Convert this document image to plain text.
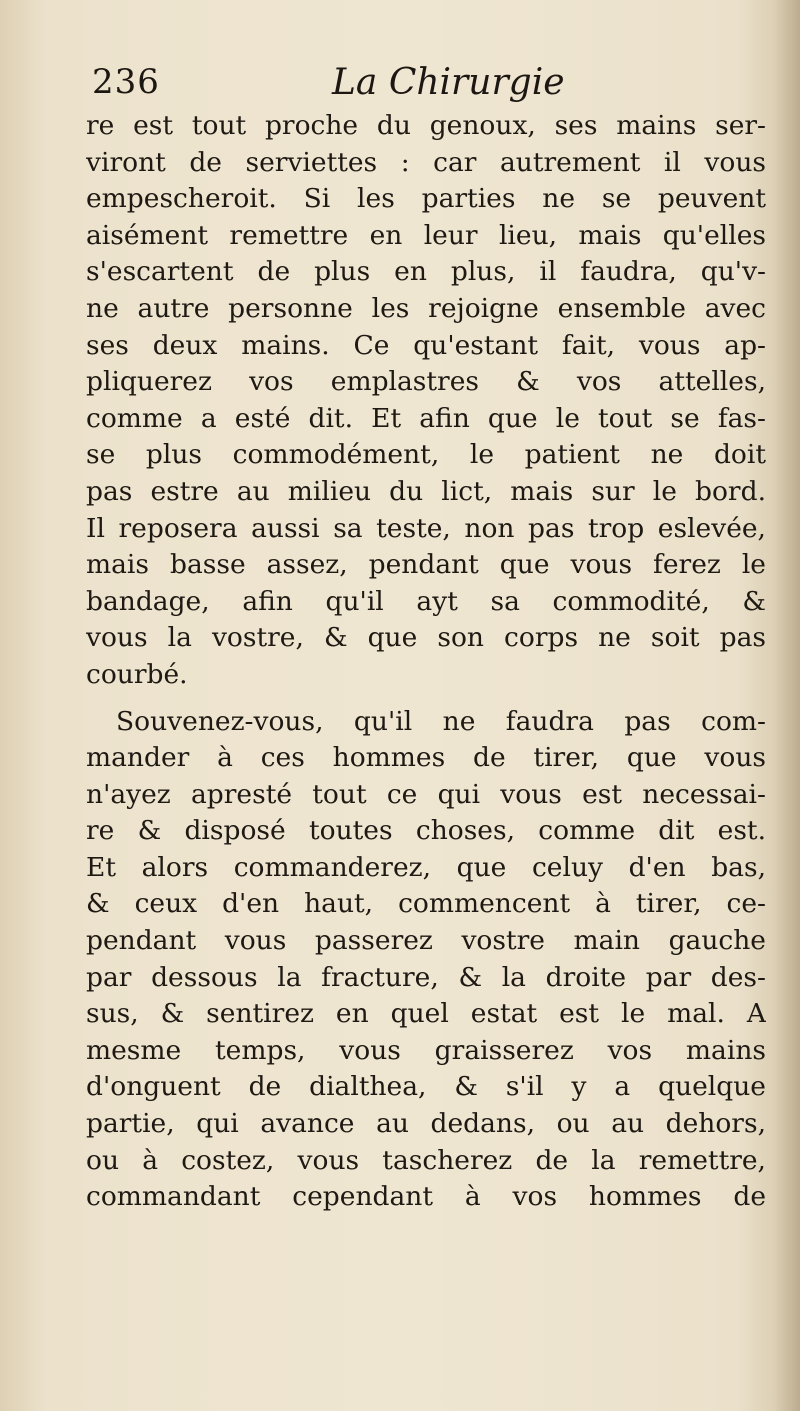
236	La Chirurgie
re est tout proche du genoux, ses mains ser-
viront de serviettes : car autrement il vous
empescheroit. Si les parties ne se peuvent
aisément remettre en leur lieu, mais qu'elles
s'escartent de plus en plus, il faudra, qu'v-
ne autre personne les rejoigne ensemble avec
ses deux mains. Ce qu'estant fait, vous ap-
pliquerez vos emplastres & vos attelles,
comme a esté dit. Et afin que le tout se fas-
se plus commodément, le patient ne doit
pas estre au milieu du lict, mais sur le bord.
Il reposera aussi sa teste, non pas trop eslevée,
mais basse assez, pendant que vous ferez le
bandage, afin qu'il ayt sa commodité, &
vous la vostre, & que son corps ne soit pas
courbé.
Souvenez-vous, qu'il ne faudra pas com-
mander à ces hommes de tirer, que vous
n'ayez apresté tout ce qui vous est necessai-
re & disposé toutes choses, comme dit est.
Et alors commanderez, que celuy d'en bas,
& ceux d'en haut, commencent à tirer, ce-
pendant vous passerez vostre main gauche
par dessous la fracture, & la droite par des-
sus, & sentirez en quel estat est le mal. A
mesme temps, vous graisserez vos mains
d'onguent de dialthea, & s'il y a quelque
partie, qui avance au dedans, ou au dehors,
ou à costez, vous tascherez de la remettre,
commandant cependant à vos hommes de
